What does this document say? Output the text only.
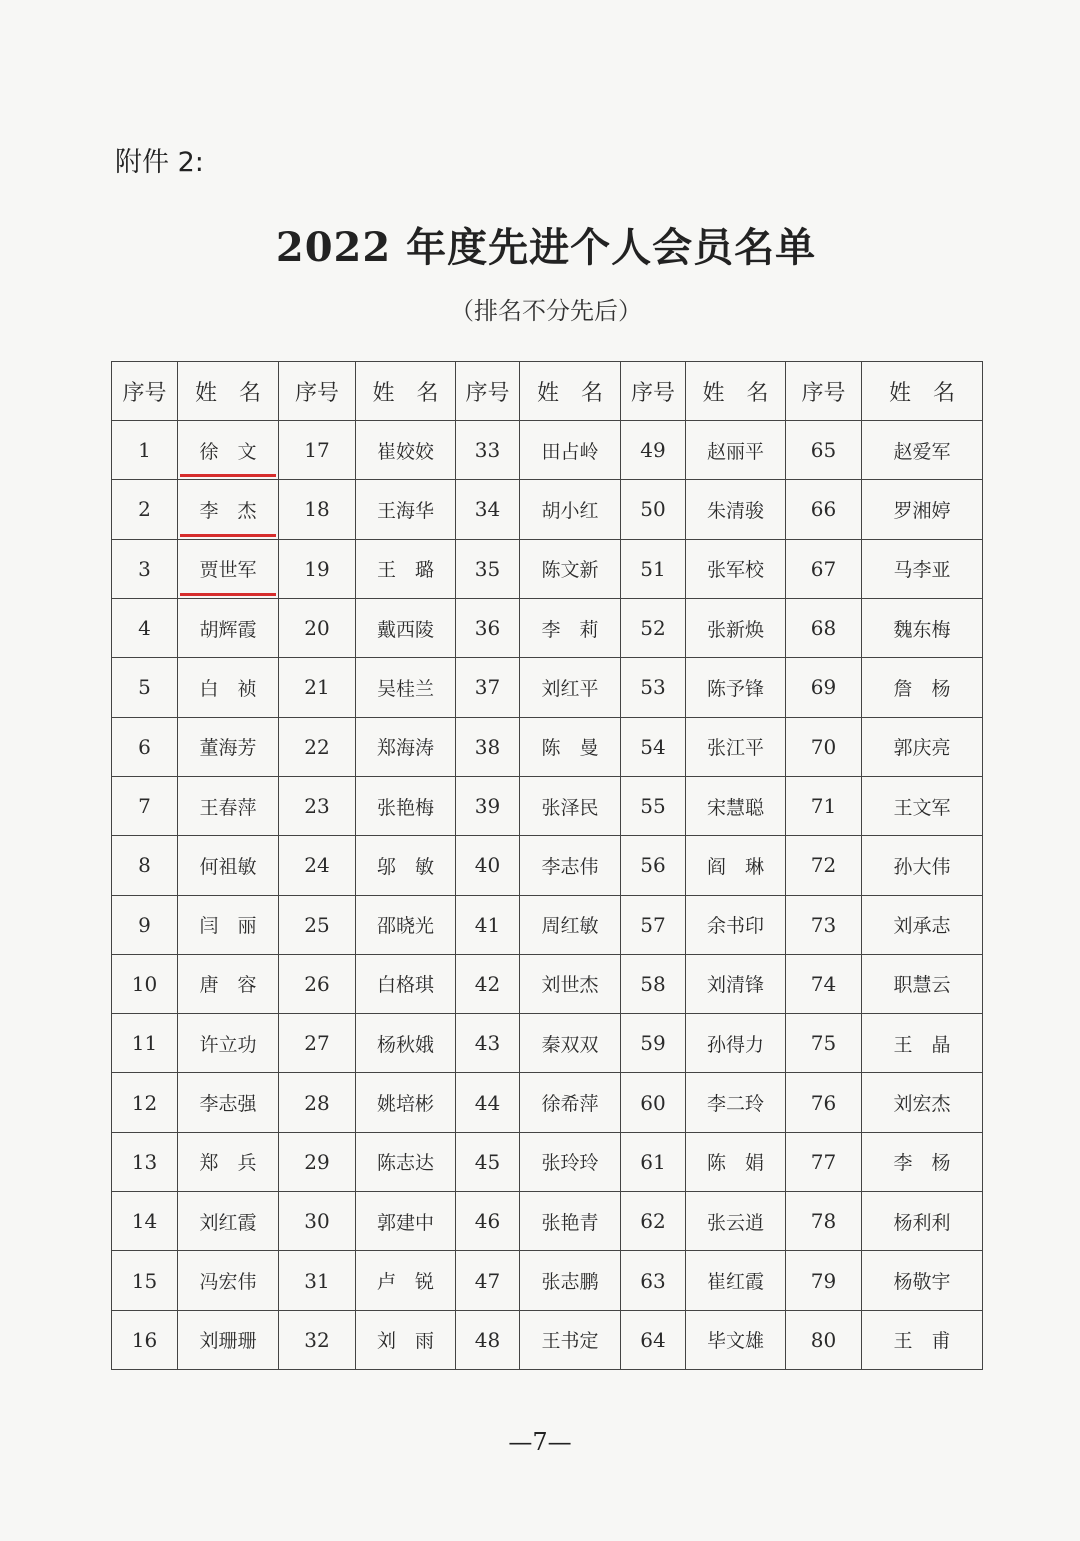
附件 2:
2022 年度先进个人会员名单
（排名不分先后）
序号	姓　名	序号	姓　名	序号	姓　名	序号	姓　名	序号	姓　名
1	徐　文	17	崔姣姣	33	田占岭	49	赵丽平	65	赵爱军
2	李　杰	18	王海华	34	胡小红	50	朱清骏	66	罗湘婷
3	贾世军	19	王　璐	35	陈文新	51	张军校	67	马李亚
4	胡辉霞	20	戴西陵	36	李　莉	52	张新焕	68	魏东梅
5	白　祯	21	吴桂兰	37	刘红平	53	陈予锋	69	詹　杨
6	董海芳	22	郑海涛	38	陈　曼	54	张江平	70	郭庆亮
7	王春萍	23	张艳梅	39	张泽民	55	宋慧聪	71	王文军
8	何祖敏	24	邬　敏	40	李志伟	56	阎　琳	72	孙大伟
9	闫　丽	25	邵晓光	41	周红敏	57	余书印	73	刘承志
10	唐　容	26	白格琪	42	刘世杰	58	刘清锋	74	职慧云
11	许立功	27	杨秋娥	43	秦双双	59	孙得力	75	王　晶
12	李志强	28	姚培彬	44	徐希萍	60	李二玲	76	刘宏杰
13	郑　兵	29	陈志达	45	张玲玲	61	陈　娟	77	李　杨
14	刘红霞	30	郭建中	46	张艳青	62	张云逍	78	杨利利
15	冯宏伟	31	卢　锐	47	张志鹏	63	崔红霞	79	杨敬宇
16	刘珊珊	32	刘　雨	48	王书定	64	毕文雄	80	王　甫
—7—
